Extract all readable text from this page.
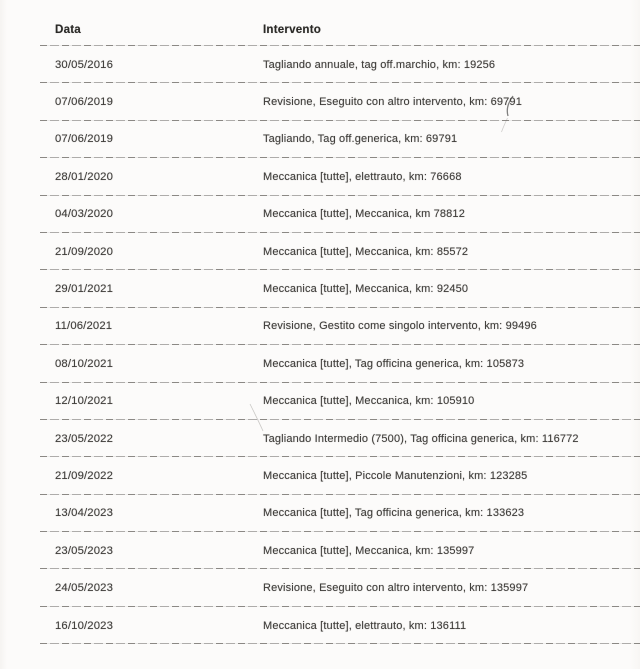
Data	Intervento
30/05/2016	Tagliando annuale, tag off.marchio, km: 19256
07/06/2019	Revisione, Eseguito con altro intervento, km: 69791
07/06/2019	Tagliando, Tag off.generica, km: 69791
28/01/2020	Meccanica [tutte], elettrauto, km: 76668
04/03/2020	Meccanica [tutte], Meccanica, km 78812
21/09/2020	Meccanica [tutte], Meccanica, km: 85572
29/01/2021	Meccanica [tutte], Meccanica, km: 92450
11/06/2021	Revisione, Gestito come singolo intervento, km: 99496
08/10/2021	Meccanica [tutte], Tag officina generica, km: 105873
12/10/2021	Meccanica [tutte], Meccanica, km: 105910
23/05/2022	Tagliando Intermedio (7500), Tag officina generica, km: 116772
21/09/2022	Meccanica [tutte], Piccole Manutenzioni, km: 123285
13/04/2023	Meccanica [tutte], Tag officina generica, km: 133623
23/05/2023	Meccanica [tutte], Meccanica, km: 135997
24/05/2023	Revisione, Eseguito con altro intervento, km: 135997
16/10/2023	Meccanica [tutte], elettrauto, km: 136111
